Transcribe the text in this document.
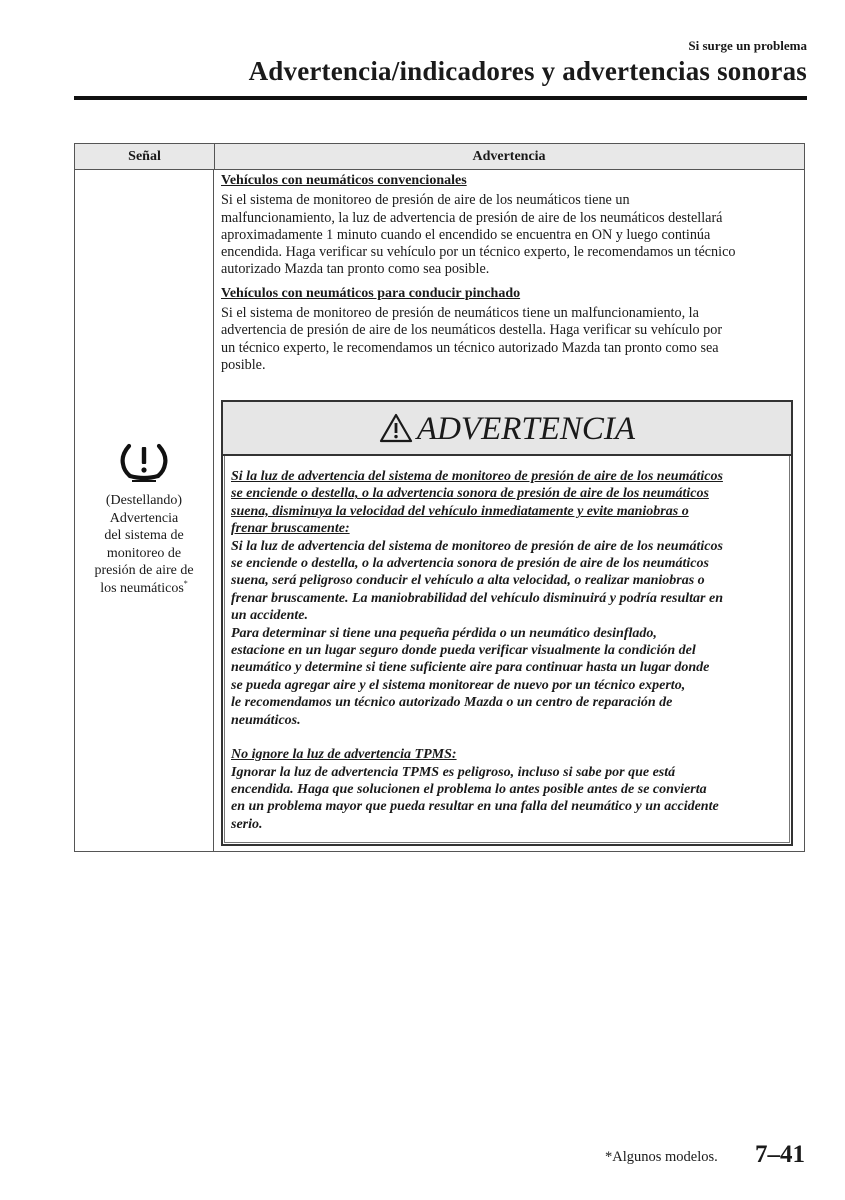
Si surge un problema
Advertencia/indicadores y advertencias sonoras
Señal	Advertencia
(Destellando)
Advertencia
del sistema de
monitoreo de
presión de aire de
los neumáticos*
Vehículos con neumáticos convencionales
Si el sistema de monitoreo de presión de aire de los neumáticos tiene un
malfuncionamiento, la luz de advertencia de presión de aire de los neumáticos destellará
aproximadamente 1 minuto cuando el encendido se encuentra en ON y luego continúa
encendida. Haga verificar su vehículo por un técnico experto, le recomendamos un técnico
autorizado Mazda tan pronto como sea posible.
Vehículos con neumáticos para conducir pinchado
Si el sistema de monitoreo de presión de neumáticos tiene un malfuncionamiento, la
advertencia de presión de aire de los neumáticos destella. Haga verificar su vehículo por
un técnico experto, le recomendamos un técnico autorizado Mazda tan pronto como sea
posible.
ADVERTENCIA
Si la luz de advertencia del sistema de monitoreo de presión de aire de los neumáticos
se enciende o destella, o la advertencia sonora de presión de aire de los neumáticos
suena, disminuya la velocidad del vehículo inmediatamente y evite maniobras o
frenar bruscamente:
Si la luz de advertencia del sistema de monitoreo de presión de aire de los neumáticos
se enciende o destella, o la advertencia sonora de presión de aire de los neumáticos
suena, será peligroso conducir el vehículo a alta velocidad, o realizar maniobras o
frenar bruscamente. La maniobrabilidad del vehículo disminuirá y podría resultar en
un accidente.
Para determinar si tiene una pequeña pérdida o un neumático desinflado,
estacione en un lugar seguro donde pueda verificar visualmente la condición del
neumático y determine si tiene suficiente aire para continuar hasta un lugar donde
se pueda agregar aire y el sistema monitorear de nuevo por un técnico experto,
le recomendamos un técnico autorizado Mazda o un centro de reparación de
neumáticos.
No ignore la luz de advertencia TPMS:
Ignorar la luz de advertencia TPMS es peligroso, incluso si sabe por que está
encendida. Haga que solucionen el problema lo antes posible antes de se convierta
en un problema mayor que pueda resultar en una falla del neumático y un accidente
serio.
*Algunos modelos. 7–41
